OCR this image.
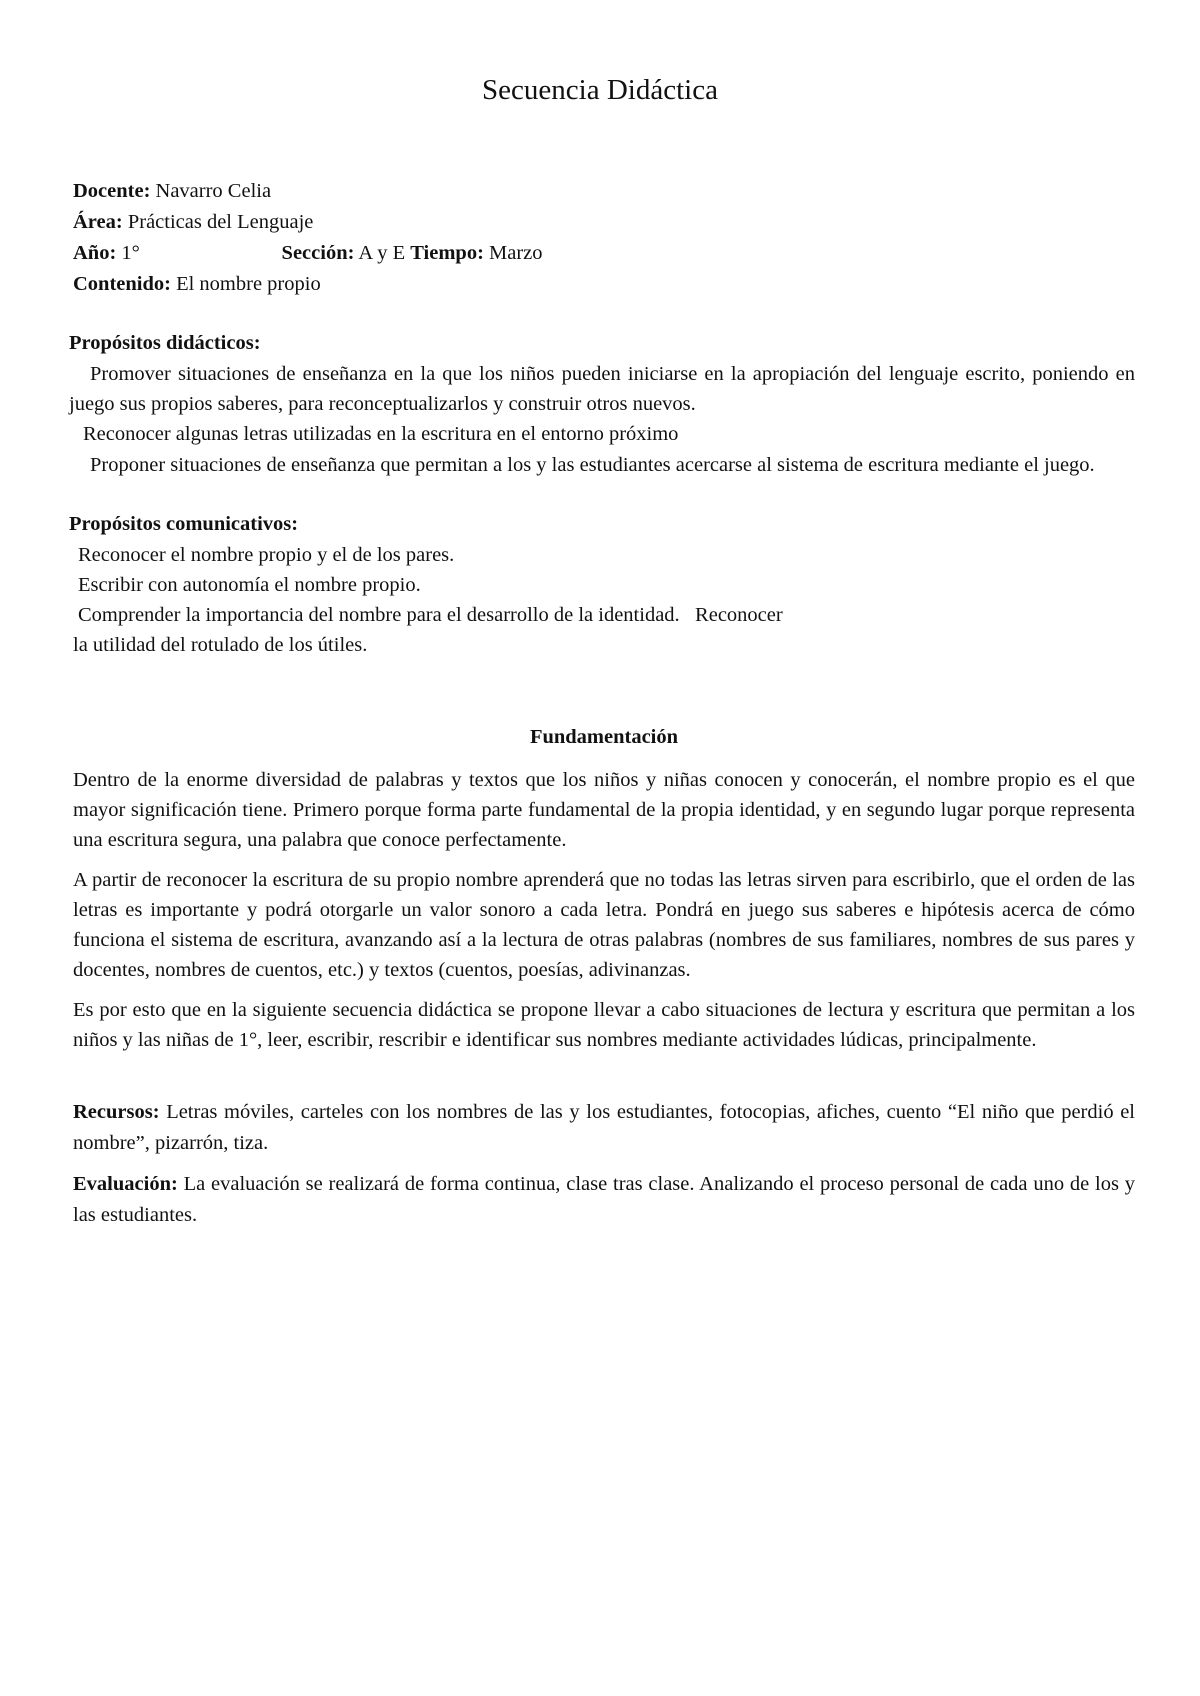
Secuencia Didáctica
Docente: Navarro Celia
Área: Prácticas del Lenguaje
Año: 1°	Sección: A y E Tiempo: Marzo
Contenido: El nombre propio

Propósitos didácticos:

Promover situaciones de enseñanza en la que los niños pueden iniciarse en la apropiación del lenguaje escrito, poniendo en juego sus propios saberes, para reconceptualizarlos y construir otros nuevos.

Reconocer algunas letras utilizadas en la escritura en el entorno próximo

Proponer situaciones de enseñanza que permitan a los y las estudiantes acercarse al sistema de escritura mediante el juego.

Propósitos comunicativos:

Reconocer el nombre propio y el de los pares.
Escribir con autonomía el nombre propio.
Comprender la importancia del nombre para el desarrollo de la identidad.   Reconocer
la utilidad del rotulado de los útiles.

Fundamentación

Dentro de la enorme diversidad de palabras y textos que los niños y niñas conocen y conocerán, el nombre propio es el que mayor significación tiene. Primero porque forma parte fundamental de la propia identidad, y en segundo lugar porque representa una escritura segura, una palabra que conoce perfectamente.

A partir de reconocer la escritura de su propio nombre aprenderá que no todas las letras sirven para escribirlo, que el orden de las letras es importante y podrá otorgarle un valor sonoro a cada letra. Pondrá en juego sus saberes e hipótesis acerca de cómo funciona el sistema de escritura, avanzando así a la lectura de otras palabras (nombres de sus familiares, nombres de sus pares y docentes, nombres de cuentos, etc.) y textos (cuentos, poesías, adivinanzas.

Es por esto que en la siguiente secuencia didáctica se propone llevar a cabo situaciones de lectura y escritura que permitan a los niños y las niñas de 1°, leer, escribir, rescribir e identificar sus nombres mediante actividades lúdicas, principalmente.

Recursos: Letras móviles, carteles con los nombres de las y los estudiantes, fotocopias, afiches, cuento “El niño que perdió el nombre”, pizarrón, tiza.

Evaluación: La evaluación se realizará de forma continua, clase tras clase. Analizando el proceso personal de cada uno de los y las estudiantes.
